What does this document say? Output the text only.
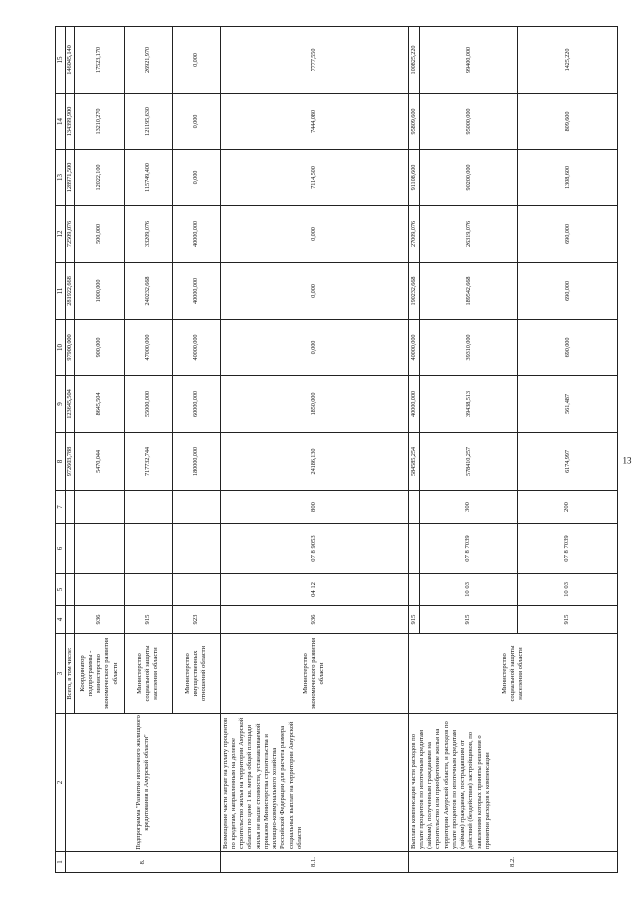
13
1	2	3	4	5	6	7	8	9	10	11	12	13	14	15
8.	Подпрограмма "Развитие ипотечного жилищного кредитования в Амурской области"	Всего, в том числе:					972603,788	123645,504	97900,000	281922,668	72509,076	128971,500	134399,900	146045,140
		Координатор подпрограммы - министерство экономического развития области	936				5470,044	8645,504	900,000	1000,000	500,000	12022,100	13210,270	17523,170
		Министерство социальной защиты населения области	915				717732,744	55000,000	47000,000	240232,668	33209,076	115749,400	121195,630	26921,970
		Министерство имущественных отношений области	923				180000,000	60000,000	40000,000	40000,000	40000,000	0,000	0,000	0,000
8.1.	Возмещение части затрат на уплату процентов по кредитам, направленным на долевое строительство жилья на территории Амурской области по цене 1 кв. метра общей площади жилья не выше стоимости, устанавливаемой приказом Министерства строительства и жилищно-коммунального хозяйства Российской Федерации для расчета размера социальных выплат на территории Амурской области	Министерство экономического развития области	936	04 12	07 8 9053	800	24186,130	1850,000	0,000	0,000	0,000	7114,500	7444,080	7777,550
8.2.	Выплата компенсации части расходов по уплате процентов по ипотечным кредитам (займам), полученным гражданами на строительство или приобретение жилья на территории Амурской области, и расходов по уплате процентов по ипотечным кредитам (займам) гражданам, пострадавшим от действий (бездействия) застройщиков, по заявлениям которых приняты решения о принятии расходов к компенсации	Министерство социальной защиты населения области	915				584585,254	40000,000	40000,000	190232,668	27009,076	91108,600	95809,600	100825,220
			915	10 03	07 8 7039	300	578410,257	39438,513	39310,000	189542,668	26319,076	90200,000	95000,000	99400,000
			915	10 03	07 8 7039	200	6174,997	561,487	690,000	690,000	690,000	1308,600	809,600	1425,220
